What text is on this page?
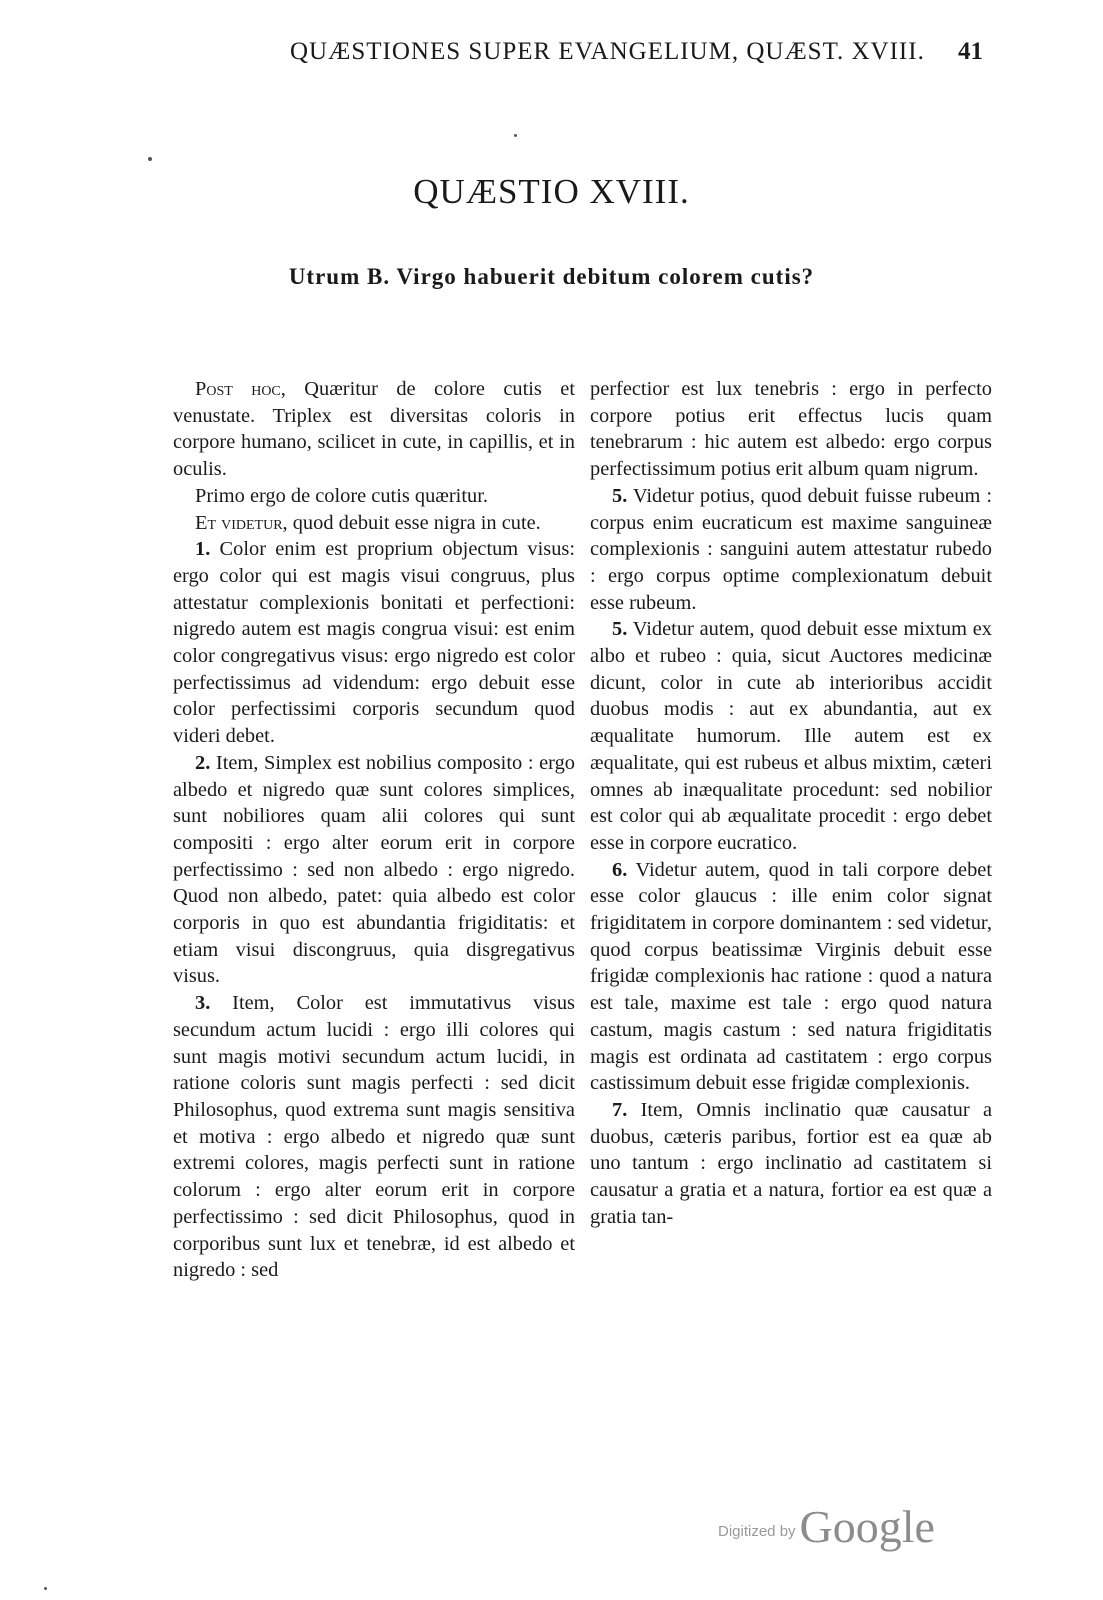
QUÆSTIONES SUPER EVANGELIUM, QUÆST. XVIII. 41
QUÆSTIO XVIII.
Utrum B. Virgo habuerit debitum colorem cutis?

Post hoc, Quæritur de colore cutis et venustate. Triplex est diversitas coloris in corpore humano, scilicet in cute, in capillis, et in oculis.

Primo ergo de colore cutis quæritur.

Et videtur, quod debuit esse nigra in cute.

1. Color enim est proprium objectum visus: ergo color qui est magis visui congruus, plus attestatur complexionis bonitati et perfectioni: nigredo autem est magis congrua visui: est enim color congregativus visus: ergo nigredo est color perfectissimus ad videndum: ergo debuit esse color perfectissimi corporis secundum quod videri debet.

2. Item, Simplex est nobilius composito : ergo albedo et nigredo quæ sunt colores simplices, sunt nobiliores quam alii colores qui sunt compositi : ergo alter eorum erit in corpore perfectissimo : sed non albedo : ergo nigredo. Quod non albedo, patet: quia albedo est color corporis in quo est abundantia frigiditatis: et etiam visui discongruus, quia disgregativus visus.

3. Item, Color est immutativus visus secundum actum lucidi : ergo illi colores qui sunt magis motivi secundum actum lucidi, in ratione coloris sunt magis perfecti : sed dicit Philosophus, quod extrema sunt magis sensitiva et motiva : ergo albedo et nigredo quæ sunt extremi colores, magis perfecti sunt in ratione colorum : ergo alter eorum erit in corpore perfectissimo : sed dicit Philosophus, quod in corporibus sunt lux et tenebræ, id est albedo et nigredo : sed

perfectior est lux tenebris : ergo in perfecto corpore potius erit effectus lucis quam tenebrarum : hic autem est albedo: ergo corpus perfectissimum potius erit album quam nigrum.

5. Videtur potius, quod debuit fuisse rubeum : corpus enim eucraticum est maxime sanguineæ complexionis : sanguini autem attestatur rubedo : ergo corpus optime complexionatum debuit esse rubeum.

5. Videtur autem, quod debuit esse mixtum ex albo et rubeo : quia, sicut Auctores medicinæ dicunt, color in cute ab interioribus accidit duobus modis : aut ex abundantia, aut ex æqualitate humorum. Ille autem est ex æqualitate, qui est rubeus et albus mixtim, cæteri omnes ab inæqualitate procedunt: sed nobilior est color qui ab æqualitate procedit : ergo debet esse in corpore eucratico.

6. Videtur autem, quod in tali corpore debet esse color glaucus : ille enim color signat frigiditatem in corpore dominantem : sed videtur, quod corpus beatissimæ Virginis debuit esse frigidæ complexionis hac ratione : quod a natura est tale, maxime est tale : ergo quod natura castum, magis castum : sed natura frigiditatis magis est ordinata ad castitatem : ergo corpus castissimum debuit esse frigidæ complexionis.

7. Item, Omnis inclinatio quæ causatur a duobus, cæteris paribus, fortior est ea quæ ab uno tantum : ergo inclinatio ad castitatem si causatur a gratia et a natura, fortior ea est quæ a gratia tan-

Digitized by Google
